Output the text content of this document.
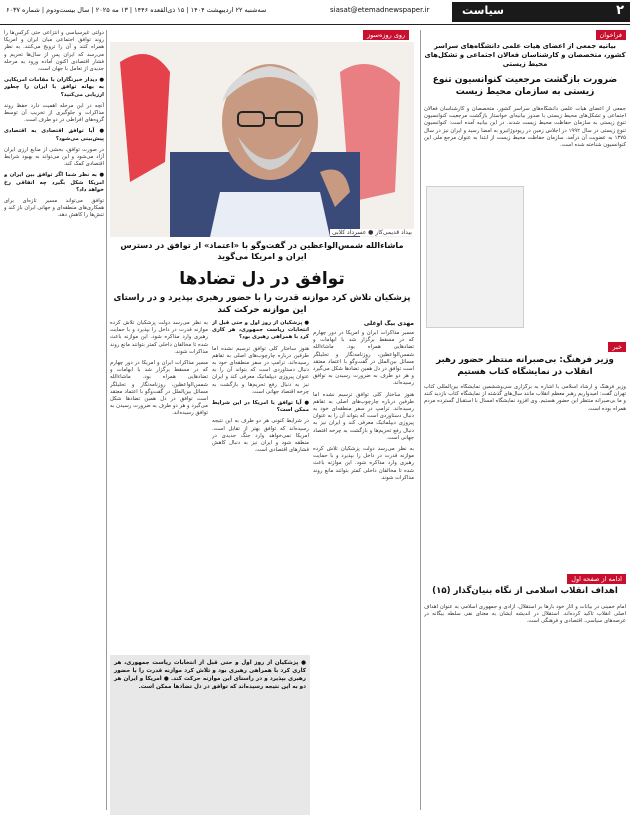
۲
سیاست
siasat@etemadnewspaper.ir
سه‌شنبه ۲۲ اردیبهشت ۱۴۰۴ | ۱۵ ذی‌القعده ۱۴۴۶ | ۱۳ مه ۲۰۲۵ | سال بیست‌و‌دوم | شماره ۶۰۳۷
فراخوان
بیانیه جمعی از اعضای هیات علمی دانشگاه‌های سراسر کشور، متخصصان و کارشناسان فعالان اجتماعی و تشکل‌های محیط زیستی
ضرورت بازگشت مرجعیت کنوانسیون تنوع زیستی به سازمان محیط زیست
جمعی از اعضای هیات علمی دانشگاه‌های سراسر کشور، متخصصان و کارشناسان فعالان اجتماعی و تشکل‌های محیط زیستی با صدور بیانیه‌ای خواستار بازگشت مرجعیت کنوانسیون تنوع زیستی به سازمان حفاظت محیط زیست شدند. در این بیانیه آمده است: کنوانسیون تنوع زیستی در سال ۱۹۹۲ در اجلاس زمین در ریودوژانیرو به امضا رسید و ایران نیز در سال ۱۳۷۵ به عضویت آن درآمد. سازمان حفاظت محیط زیست از ابتدا به عنوان مرجع ملی این کنوانسیون شناخته شده است.
خبر
وزیر فرهنگ: بی‌صبرانه منتظر حضور رهبر انقلاب در نمایشگاه کتاب هستیم
وزیر فرهنگ و ارشاد اسلامی با اشاره به برگزاری سی‌وششمین نمایشگاه بین‌المللی کتاب تهران گفت: امیدواریم رهبر معظم انقلاب مانند سال‌های گذشته از نمایشگاه کتاب بازدید کنند و ما بی‌صبرانه منتظر این حضور هستیم. وی افزود نمایشگاه امسال با استقبال گسترده مردم همراه بوده است.
ادامه از صفحه اول
اهداف انقلاب اسلامی از نگاه بنیان‌گذار (۱۵)
امام خمینی در بیانات و آثار خود بارها بر استقلال، آزادی و جمهوری اسلامی به عنوان اهداف اصلی انقلاب تاکید کرده‌اند. استقلال در اندیشه ایشان به معنای نفی سلطه بیگانه در عرصه‌های سیاسی، اقتصادی و فرهنگی است.
روی روزه‌سوز
بیداد قدیمی‌کار ● عسرداد کلابی
ماشاءالله شمس‌الواعظین در گفت‌وگو با «اعتماد» از توافق در دسترس ایران و امریکا می‌گوید
توافق در دل تضادها
پزشکیان تلاش کرد موازنه قدرت را با حضور رهبری بپذیرد و در راستای این موازنه حرکت کند
مهدی بیگ اوغلی
مسیر مذاکرات ایران و امریکا در دور چهارم که در مسقط برگزار شد با ابهامات و تضادهایی همراه بود. ماشاءالله شمس‌الواعظین، روزنامه‌نگار و تحلیلگر مسائل بین‌الملل در گفت‌وگو با اعتماد معتقد است توافق در دل همین تضادها شکل می‌گیرد و هر دو طرف به ضرورت رسیدن به توافق رسیده‌اند.
هنوز ساختار کلی توافق ترسیم نشده اما طرفین درباره چارچوب‌های اصلی به تفاهم رسیده‌اند. ترامپ در سفر منطقه‌ای خود به دنبال دستاوردی است که بتواند آن را به عنوان پیروزی دیپلماتیک معرفی کند و ایران نیز به دنبال رفع تحریم‌ها و بازگشت به چرخه اقتصاد جهانی است.
به نظر می‌رسد دولت پزشکیان تلاش کرده موازنه قدرت در داخل را بپذیرد و با حمایت رهبری وارد مذاکره شود. این موازنه باعث شده تا مخالفان داخلی کمتر بتوانند مانع روند مذاکرات شوند.
● پزشکیان از روز اول و حتی قبل از انتخابات ریاست جمهوری، هر کاری کرد با همراهی رهبری بود؟
هنوز ساختار کلی توافق ترسیم نشده اما طرفین درباره چارچوب‌های اصلی به تفاهم رسیده‌اند. ترامپ در سفر منطقه‌ای خود به دنبال دستاوردی است که بتواند آن را به عنوان پیروزی دیپلماتیک معرفی کند و ایران نیز به دنبال رفع تحریم‌ها و بازگشت به چرخه اقتصاد جهانی است.
● آیا توافق با امریکا در این شرایط ممکن است؟
در شرایط کنونی هر دو طرف به این نتیجه رسیده‌اند که توافق بهتر از تقابل است. امریکا نمی‌خواهد وارد جنگ جدیدی در منطقه شود و ایران نیز به دنبال کاهش فشارهای اقتصادی است.
به نظر می‌رسد دولت پزشکیان تلاش کرده موازنه قدرت در داخل را بپذیرد و با حمایت رهبری وارد مذاکره شود. این موازنه باعث شده تا مخالفان داخلی کمتر بتوانند مانع روند مذاکرات شوند.
مسیر مذاکرات ایران و امریکا در دور چهارم که در مسقط برگزار شد با ابهامات و تضادهایی همراه بود. ماشاءالله شمس‌الواعظین، روزنامه‌نگار و تحلیلگر مسائل بین‌الملل در گفت‌وگو با اعتماد معتقد است توافق در دل همین تضادها شکل می‌گیرد و هر دو طرف به ضرورت رسیدن به توافق رسیده‌اند.
● پزشکیان از روز اول و حتی قبل از انتخابات ریاست جمهوری، هر کاری کرد با همراهی رهبری بود و تلاش کرد موازنه قدرت را با حضور رهبری بپذیرد و در راستای این موازنه حرکت کند. ● امریکا و ایران هر دو به این نتیجه رسیده‌اند که توافق در دل تضادها ممکن است.
دولتی غیرسیاسی و انتزاعی حتی کرکس‌ها را روند توافق اجتماعی میان ایران و امریکا همراه کنند و آن را ترویج می‌کنند. به نظر می‌رسد که ایران پس از سال‌ها تحریم و فشار اقتصادی اکنون آماده ورود به مرحله جدیدی از تعامل با جهان است.
● دیدار خبرنگاران با مقامات امریکایی به بهانه توافق با ایران را چطور ارزیابی می‌کنید؟
آنچه در این مرحله اهمیت دارد حفظ روند مذاکرات و جلوگیری از تخریب آن توسط گروه‌های افراطی در دو طرف است.
● آیا توافق اقتصادی به اقتصادی پیش‌بینی می‌شود؟
در صورت توافق، بخشی از منابع ارزی ایران آزاد می‌شود و این می‌تواند به بهبود شرایط اقتصادی کمک کند.
● به نظر شما اگر توافق بین ایران و امریکا شکل بگیرد چه اتفاقی رخ خواهد داد؟
توافق می‌تواند مسیر تازه‌ای برای همکاری‌های منطقه‌ای و جهانی ایران باز کند و تنش‌ها را کاهش دهد.
